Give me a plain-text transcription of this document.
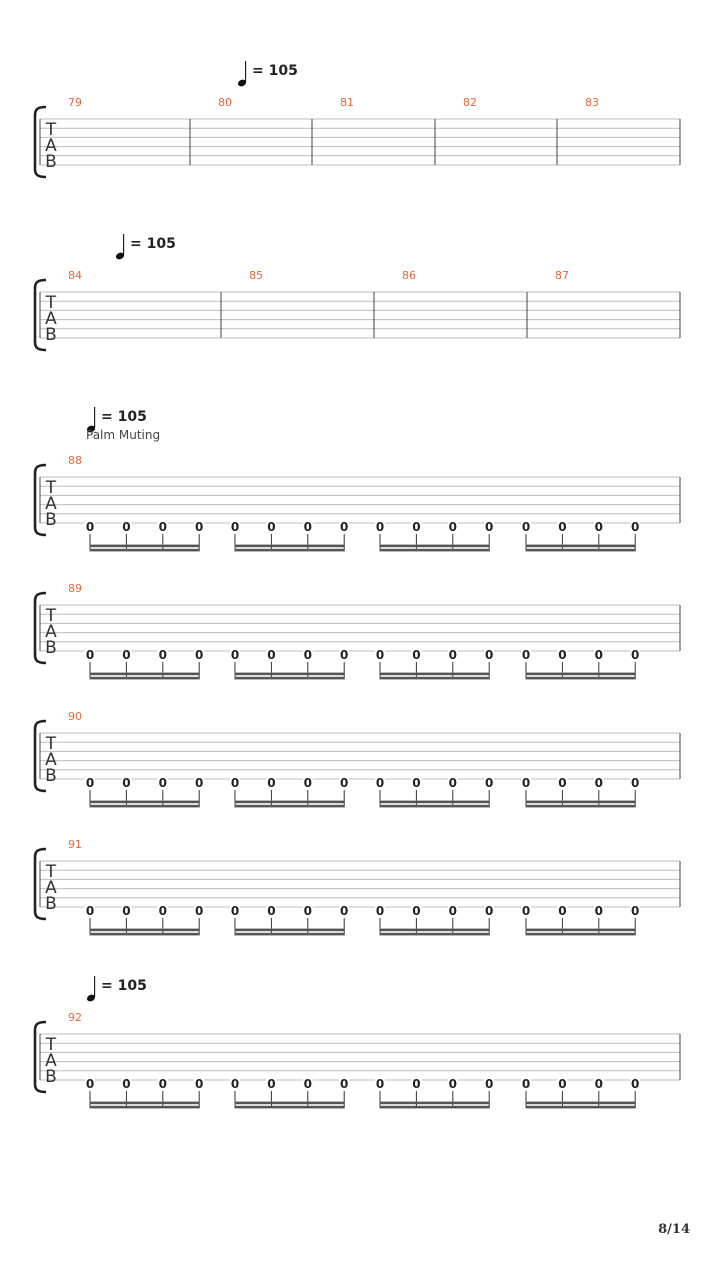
= 105
T
A
B
79	80	81	82	83
= 105
T
A
B
84	85	86	87
= 105
Palm Muting
T
A
B
88
0 0 0 0 0 0 0 0 0 0 0 0 0 0 0 0
T
A
B
89
0 0 0 0 0 0 0 0 0 0 0 0 0 0 0 0
T
A
B
90
0 0 0 0 0 0 0 0 0 0 0 0 0 0 0 0
T
A
B
91
0 0 0 0 0 0 0 0 0 0 0 0 0 0 0 0
= 105
T
A
B
92
0 0 0 0 0 0 0 0 0 0 0 0 0 0 0 0
8/14
